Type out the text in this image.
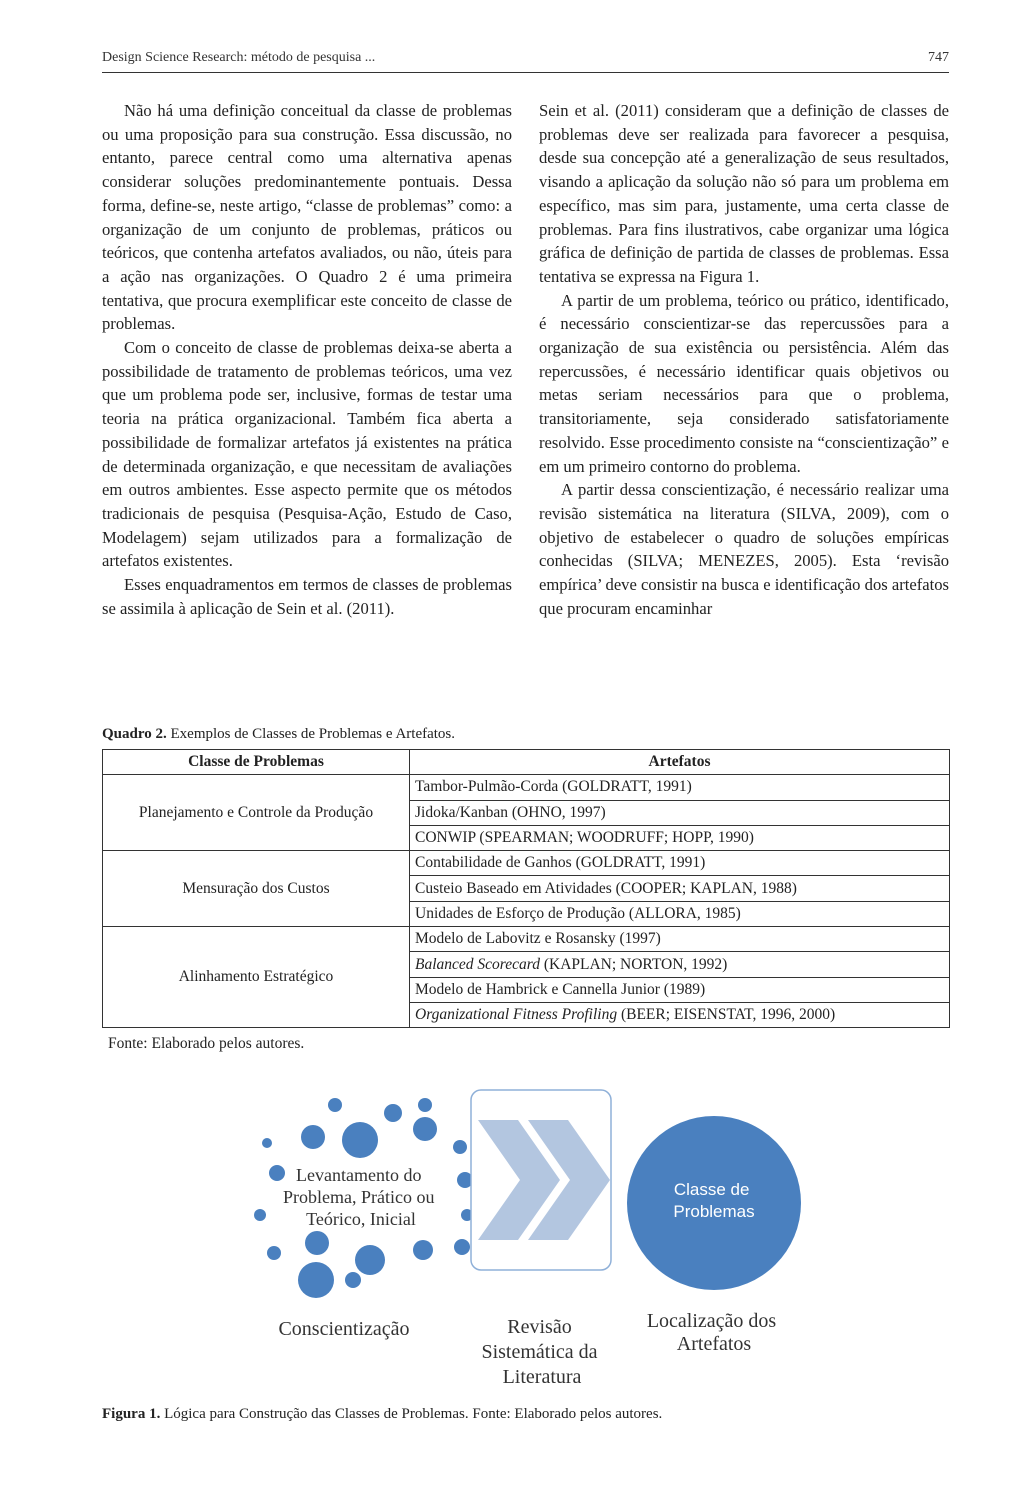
Design Science Research: método de pesquisa ...	747

Não há uma definição conceitual da classe de problemas ou uma proposição para sua construção. Essa discussão, no entanto, parece central como uma alternativa apenas considerar soluções predominantemente pontuais. Dessa forma, define-se, neste artigo, “classe de problemas” como: a organização de um conjunto de problemas, práticos ou teóricos, que contenha artefatos avaliados, ou não, úteis para a ação nas organizações. O Quadro 2 é uma primeira tentativa, que procura exemplificar este conceito de classe de problemas.

Com o conceito de classe de problemas deixa-se aberta a possibilidade de tratamento de problemas teóricos, uma vez que um problema pode ser, inclusive, formas de testar uma teoria na prática organizacional. Também fica aberta a possibilidade de formalizar artefatos já existentes na prática de determinada organização, e que necessitam de avaliações em outros ambientes. Esse aspecto permite que os métodos tradicionais de pesquisa (Pesquisa-Ação, Estudo de Caso, Modelagem) sejam utilizados para a formalização de artefatos existentes.

Esses enquadramentos em termos de classes de problemas se assimila à aplicação de Sein et al. (2011).

Sein et al. (2011) consideram que a definição de classes de problemas deve ser realizada para favorecer a pesquisa, desde sua concepção até a generalização de seus resultados, visando a aplicação da solução não só para um problema em específico, mas sim para, justamente, uma certa classe de problemas. Para fins ilustrativos, cabe organizar uma lógica gráfica de definição de partida de classes de problemas. Essa tentativa se expressa na Figura 1.

A partir de um problema, teórico ou prático, identificado, é necessário conscientizar-se das repercussões para a organização de sua existência ou persistência. Além das repercussões, é necessário identificar quais objetivos ou metas seriam necessários para que o problema, transitoriamente, seja considerado satisfatoriamente resolvido. Esse procedimento consiste na “conscientização” e em um primeiro contorno do problema.

A partir dessa conscientização, é necessário realizar uma revisão sistemática na literatura (SILVA, 2009), com o objetivo de estabelecer o quadro de soluções empíricas conhecidas (SILVA; MENEZES, 2005). Esta ‘revisão empírica’ deve consistir na busca e identificação dos artefatos que procuram encaminhar

Quadro 2. Exemplos de Classes de Problemas e Artefatos.
Classe de Problemas	Artefatos
Planejamento e Controle da Produção	Tambor-Pulmão-Corda (GOLDRATT, 1991)
	Jidoka/Kanban (OHNO, 1997)
	CONWIP (SPEARMAN; WOODRUFF; HOPP, 1990)
Mensuração dos Custos	Contabilidade de Ganhos (GOLDRATT, 1991)
	Custeio Baseado em Atividades (COOPER; KAPLAN, 1988)
	Unidades de Esforço de Produção (ALLORA, 1985)
Alinhamento Estratégico	Modelo de Labovitz e Rosansky (1997)
	Balanced Scorecard (KAPLAN; NORTON, 1992)
	Modelo de Hambrick e Cannella Junior (1989)
	Organizational Fitness Profiling (BEER; EISENSTAT, 1996, 2000)
Fonte: Elaborado pelos autores.
Levantamento do Problema, Prático ou Teórico, Inicial
Classe de Problemas
Conscientização	Revisão Sistemática da Literatura
Localização dos Artefatos
Figura 1. Lógica para Construção das Classes de Problemas. Fonte: Elaborado pelos autores.
